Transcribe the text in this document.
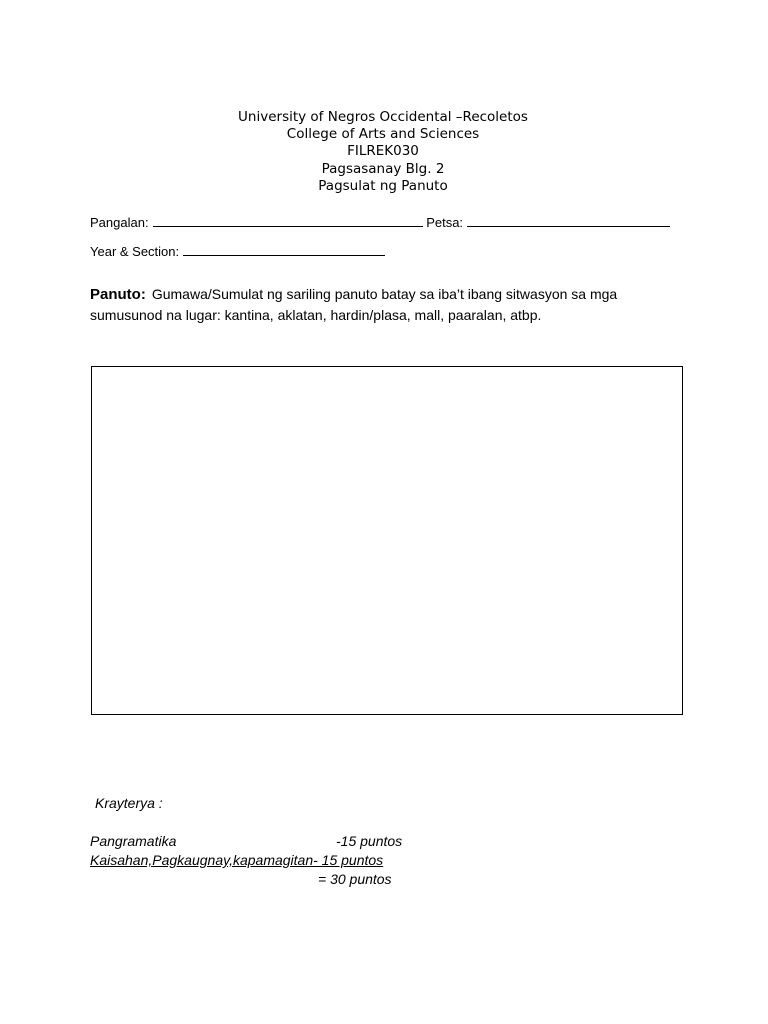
University of Negros Occidental –Recoletos
College of Arts and Sciences
FILREK030
Pagsasanay Blg. 2
Pagsulat ng Panuto
Pangalan:	Petsa:
Year & Section:
Panuto: Gumawa/Sumulat ng sariling panuto batay sa iba’t ibang sitwasyon sa mga
sumusunod na lugar: kantina, aklatan, hardin/plasa, mall, paaralan, atbp.
Krayterya :
Pangramatika	-15 puntos
Kaisahan,Pagkaugnay,kapamagitan- 15 puntos
= 30 puntos
